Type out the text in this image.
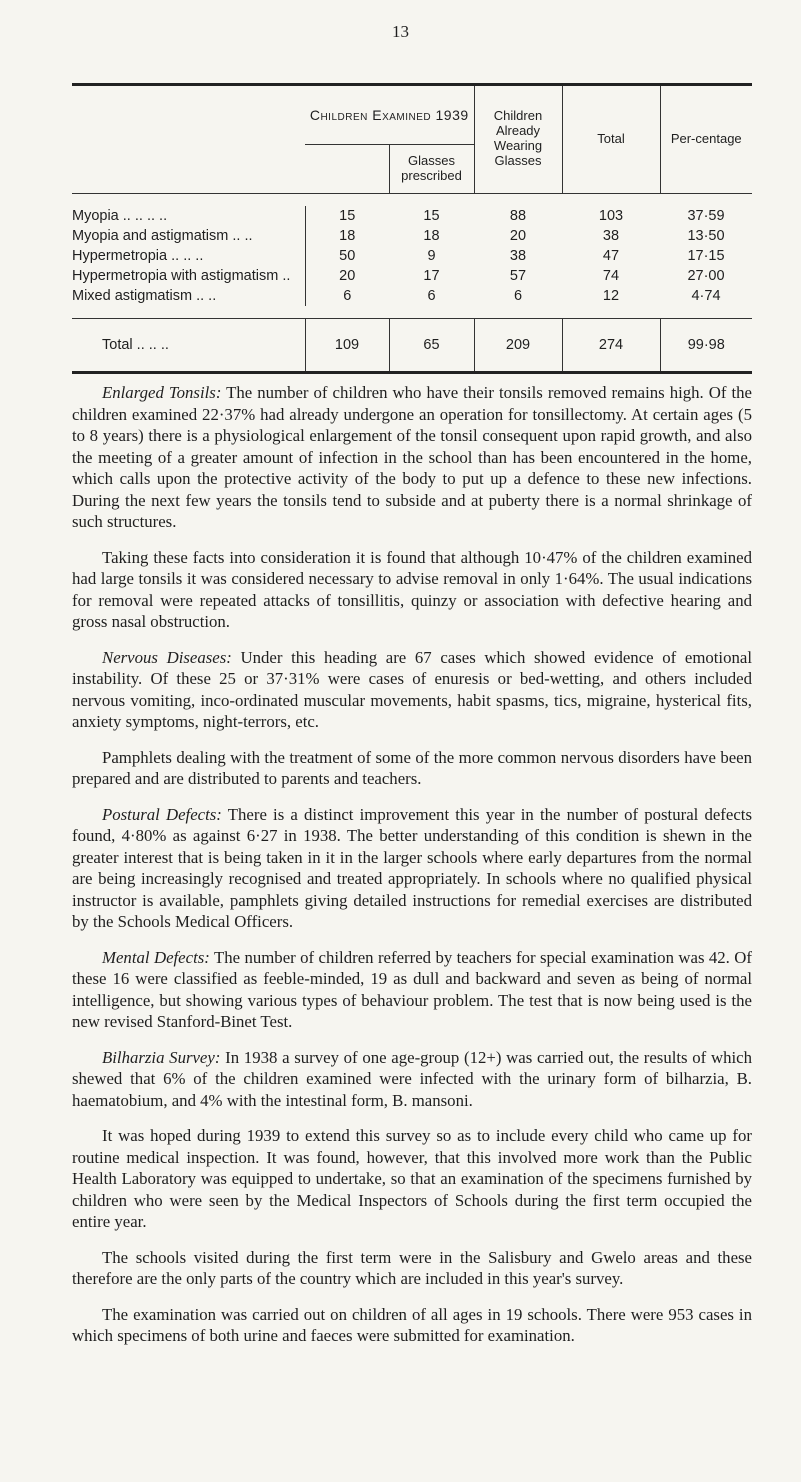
13
	Children Examined 1939		Children Already Wearing Glasses	Total	Per-centage
		Glasses prescribed			

Myopia .. .. .. ..	15	15	88	103	37·59
Myopia and astigmatism .. ..	18	18	20	38	13·50
Hypermetropia .. .. ..	50	9	38	47	17·15
Hypermetropia with astigmatism ..	20	17	57	74	27·00
Mixed astigmatism .. ..	6	6	6	12	4·74

Total .. .. ..	109	65	209	274	99·98

Enlarged Tonsils: The number of children who have their tonsils removed remains high. Of the children examined 22·37% had already undergone an operation for tonsillectomy. At certain ages (5 to 8 years) there is a physiological enlargement of the tonsil consequent upon rapid growth, and also the meeting of a greater amount of infection in the school than has been encountered in the home, which calls upon the protective activity of the body to put up a defence to these new infections. During the next few years the tonsils tend to subside and at puberty there is a normal shrinkage of such structures.

Taking these facts into consideration it is found that although 10·47% of the children examined had large tonsils it was considered necessary to advise removal in only 1·64%. The usual indications for removal were repeated attacks of tonsillitis, quinzy or association with defective hearing and gross nasal obstruction.

Nervous Diseases: Under this heading are 67 cases which showed evidence of emotional instability. Of these 25 or 37·31% were cases of enuresis or bed-wetting, and others included nervous vomiting, inco-ordinated muscular movements, habit spasms, tics, migraine, hysterical fits, anxiety symptoms, night-terrors, etc.

Pamphlets dealing with the treatment of some of the more common nervous disorders have been prepared and are distributed to parents and teachers.

Postural Defects: There is a distinct improvement this year in the number of postural defects found, 4·80% as against 6·27 in 1938. The better understanding of this condition is shewn in the greater interest that is being taken in it in the larger schools where early departures from the normal are being increasingly recognised and treated appropriately. In schools where no qualified physical instructor is available, pamphlets giving detailed instructions for remedial exercises are distributed by the Schools Medical Officers.

Mental Defects: The number of children referred by teachers for special examination was 42. Of these 16 were classified as feeble-minded, 19 as dull and backward and seven as being of normal intelligence, but showing various types of behaviour problem. The test that is now being used is the new revised Stanford-Binet Test.

Bilharzia Survey: In 1938 a survey of one age-group (12+) was carried out, the results of which shewed that 6% of the children examined were infected with the urinary form of bilharzia, B. haematobium, and 4% with the intestinal form, B. mansoni.

It was hoped during 1939 to extend this survey so as to include every child who came up for routine medical inspection. It was found, however, that this involved more work than the Public Health Laboratory was equipped to undertake, so that an examination of the specimens furnished by children who were seen by the Medical Inspectors of Schools during the first term occupied the entire year.

The schools visited during the first term were in the Salisbury and Gwelo areas and these therefore are the only parts of the country which are included in this year's survey.

The examination was carried out on children of all ages in 19 schools. There were 953 cases in which specimens of both urine and faeces were submitted for examination.
